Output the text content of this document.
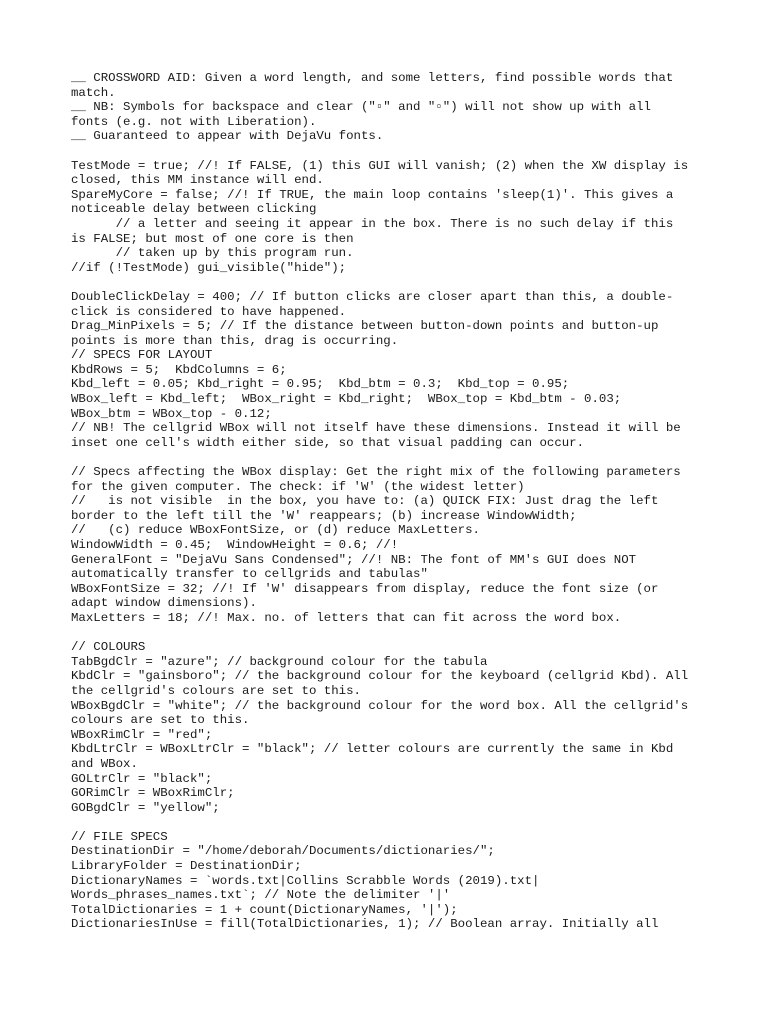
__ CROSSWORD AID: Given a word length, and some letters, find possible words that
match.
__ NB: Symbols for backspace and clear ("▫" and "▫") will not show up with all
fonts (e.g. not with Liberation).
__ Guaranteed to appear with DejaVu fonts.
TestMode = true; //! If FALSE, (1) this GUI will vanish; (2) when the XW display is
closed, this MM instance will end.
SpareMyCore = false; //! If TRUE, the main loop contains 'sleep(1)'. This gives a
noticeable delay between clicking
// a letter and seeing it appear in the box. There is no such delay if this
is FALSE; but most of one core is then
// taken up by this program run.
//if (!TestMode) gui_visible("hide");
DoubleClickDelay = 400; // If button clicks are closer apart than this, a double-
click is considered to have happened.
Drag_MinPixels = 5; // If the distance between button-down points and button-up
points is more than this, drag is occurring.
// SPECS FOR LAYOUT
KbdRows = 5;  KbdColumns = 6;
Kbd_left = 0.05; Kbd_right = 0.95;  Kbd_btm = 0.3;  Kbd_top = 0.95;
WBox_left = Kbd_left;  WBox_right = Kbd_right;  WBox_top = Kbd_btm - 0.03;
WBox_btm = WBox_top - 0.12;
// NB! The cellgrid WBox will not itself have these dimensions. Instead it will be
inset one cell's width either side, so that visual padding can occur.
// Specs affecting the WBox display: Get the right mix of the following parameters
for the given computer. The check: if 'W' (the widest letter)
//   is not visible  in the box, you have to: (a) QUICK FIX: Just drag the left
border to the left till the 'W' reappears; (b) increase WindowWidth;
//   (c) reduce WBoxFontSize, or (d) reduce MaxLetters.
WindowWidth = 0.45;  WindowHeight = 0.6; //!
GeneralFont = "DejaVu Sans Condensed"; //! NB: The font of MM's GUI does NOT
automatically transfer to cellgrids and tabulas"
WBoxFontSize = 32; //! If 'W' disappears from display, reduce the font size (or
adapt window dimensions).
MaxLetters = 18; //! Max. no. of letters that can fit across the word box.
// COLOURS
TabBgdClr = "azure"; // background colour for the tabula
KbdClr = "gainsboro"; // the background colour for the keyboard (cellgrid Kbd). All
the cellgrid's colours are set to this.
WBoxBgdClr = "white"; // the background colour for the word box. All the cellgrid's
colours are set to this.
WBoxRimClr = "red";
KbdLtrClr = WBoxLtrClr = "black"; // letter colours are currently the same in Kbd
and WBox.
GOLtrClr = "black";
GORimClr = WBoxRimClr;
GOBgdClr = "yellow";
// FILE SPECS
DestinationDir = "/home/deborah/Documents/dictionaries/";
LibraryFolder = DestinationDir;
DictionaryNames = `words.txt|Collins Scrabble Words (2019).txt|
Words_phrases_names.txt`; // Note the delimiter '|'
TotalDictionaries = 1 + count(DictionaryNames, '|');
DictionariesInUse = fill(TotalDictionaries, 1); // Boolean array. Initially all
